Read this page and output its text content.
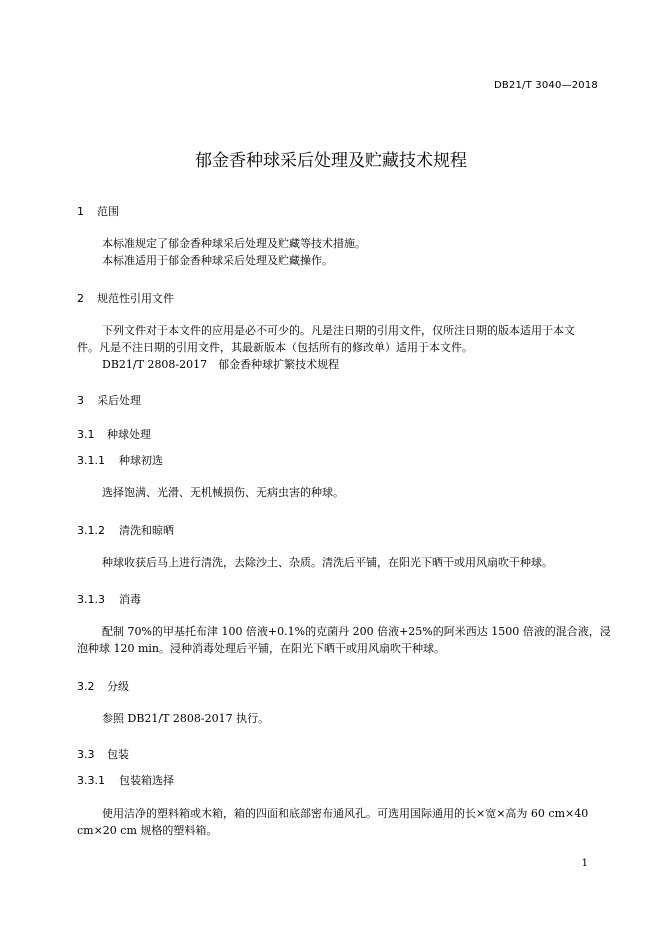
DB21/T 3040—2018
郁金香种球采后处理及贮藏技术规程
1 范围
本标准规定了郁金香种球采后处理及贮藏等技术措施。
本标准适用于郁金香种球采后处理及贮藏操作。
2 规范性引用文件
下列文件对于本文件的应用是必不可少的。凡是注日期的引用文件，仅所注日期的版本适用于本文
件。凡是不注日期的引用文件，其最新版本（包括所有的修改单）适用于本文件。
DB21/T 2808-2017　郁金香种球扩繁技术规程
3 采后处理
3.1 种球处理
3.1.1 种球初选
选择饱满、光滑、无机械损伤、无病虫害的种球。
3.1.2 清洗和晾晒
种球收获后马上进行清洗，去除沙土、杂质。清洗后平铺，在阳光下晒干或用风扇吹干种球。
3.1.3 消毒
配制 70%的甲基托布津 100 倍液+0.1%的克菌丹 200 倍液+25%的阿米西达 1500 倍液的混合液，浸
泡种球 120 min。浸种消毒处理后平铺，在阳光下晒干或用风扇吹干种球。
3.2 分级
参照 DB21/T 2808-2017 执行。
3.3 包装
3.3.1 包装箱选择
使用洁净的塑料箱或木箱，箱的四面和底部密布通风孔。可选用国际通用的长×宽×高为 60 cm×40
cm×20 cm 规格的塑料箱。
1
